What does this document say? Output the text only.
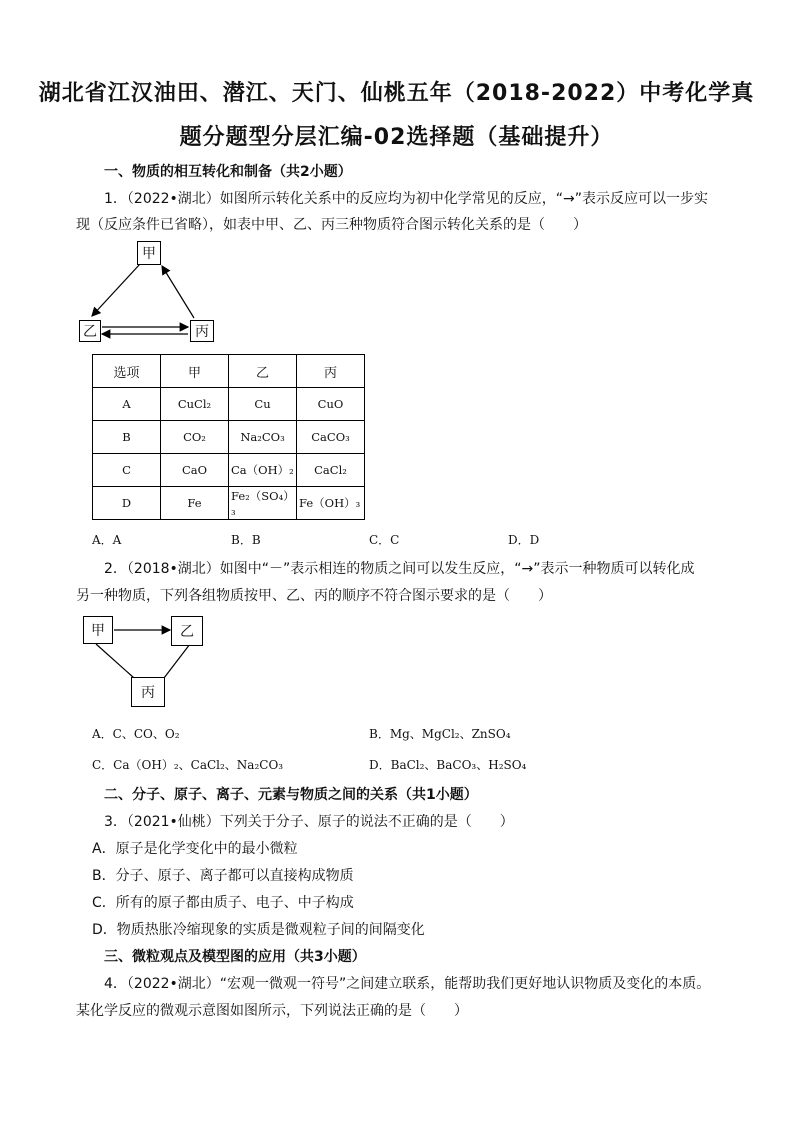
湖北省江汉油田、潜江、天门、仙桃五年（2018-2022）中考化学真
题分题型分层汇编-02选择题（基础提升）
一、物质的相互转化和制备（共2小题）
1．（2022•湖北）如图所示转化关系中的反应均为初中化学常见的反应，“→”表示反应可以一步实
现（反应条件已省略），如表中甲、乙、丙三种物质符合图示转化关系的是（　　）
甲
乙	丙
选项	甲	乙	丙
A	CuCl₂	Cu	CuO
B	CO₂	Na₂CO₃	CaCO₃
C	CaO	Ca（OH）₂	CaCl₂
D	Fe	Fe₂（SO₄）₃	Fe（OH）₃
A．A	B．B	C．C	D．D
2．（2018•湖北）如图中“－”表示相连的物质之间可以发生反应，“→”表示一种物质可以转化成
另一种物质，下列各组物质按甲、乙、丙的顺序不符合图示要求的是（　　）
甲	乙
丙
A．C、CO、O₂	B．Mg、MgCl₂、ZnSO₄
C．Ca（OH）₂、CaCl₂、Na₂CO₃	D．BaCl₂、BaCO₃、H₂SO₄
二、分子、原子、离子、元素与物质之间的关系（共1小题）
3．（2021•仙桃）下列关于分子、原子的说法不正确的是（　　）
A．原子是化学变化中的最小微粒
B．分子、原子、离子都可以直接构成物质
C．所有的原子都由质子、电子、中子构成
D．物质热胀冷缩现象的实质是微观粒子间的间隔变化
三、微粒观点及模型图的应用（共3小题）
4．（2022•湖北）“宏观一微观一符号”之间建立联系，能帮助我们更好地认识物质及变化的本质。
某化学反应的微观示意图如图所示，下列说法正确的是（　　）
